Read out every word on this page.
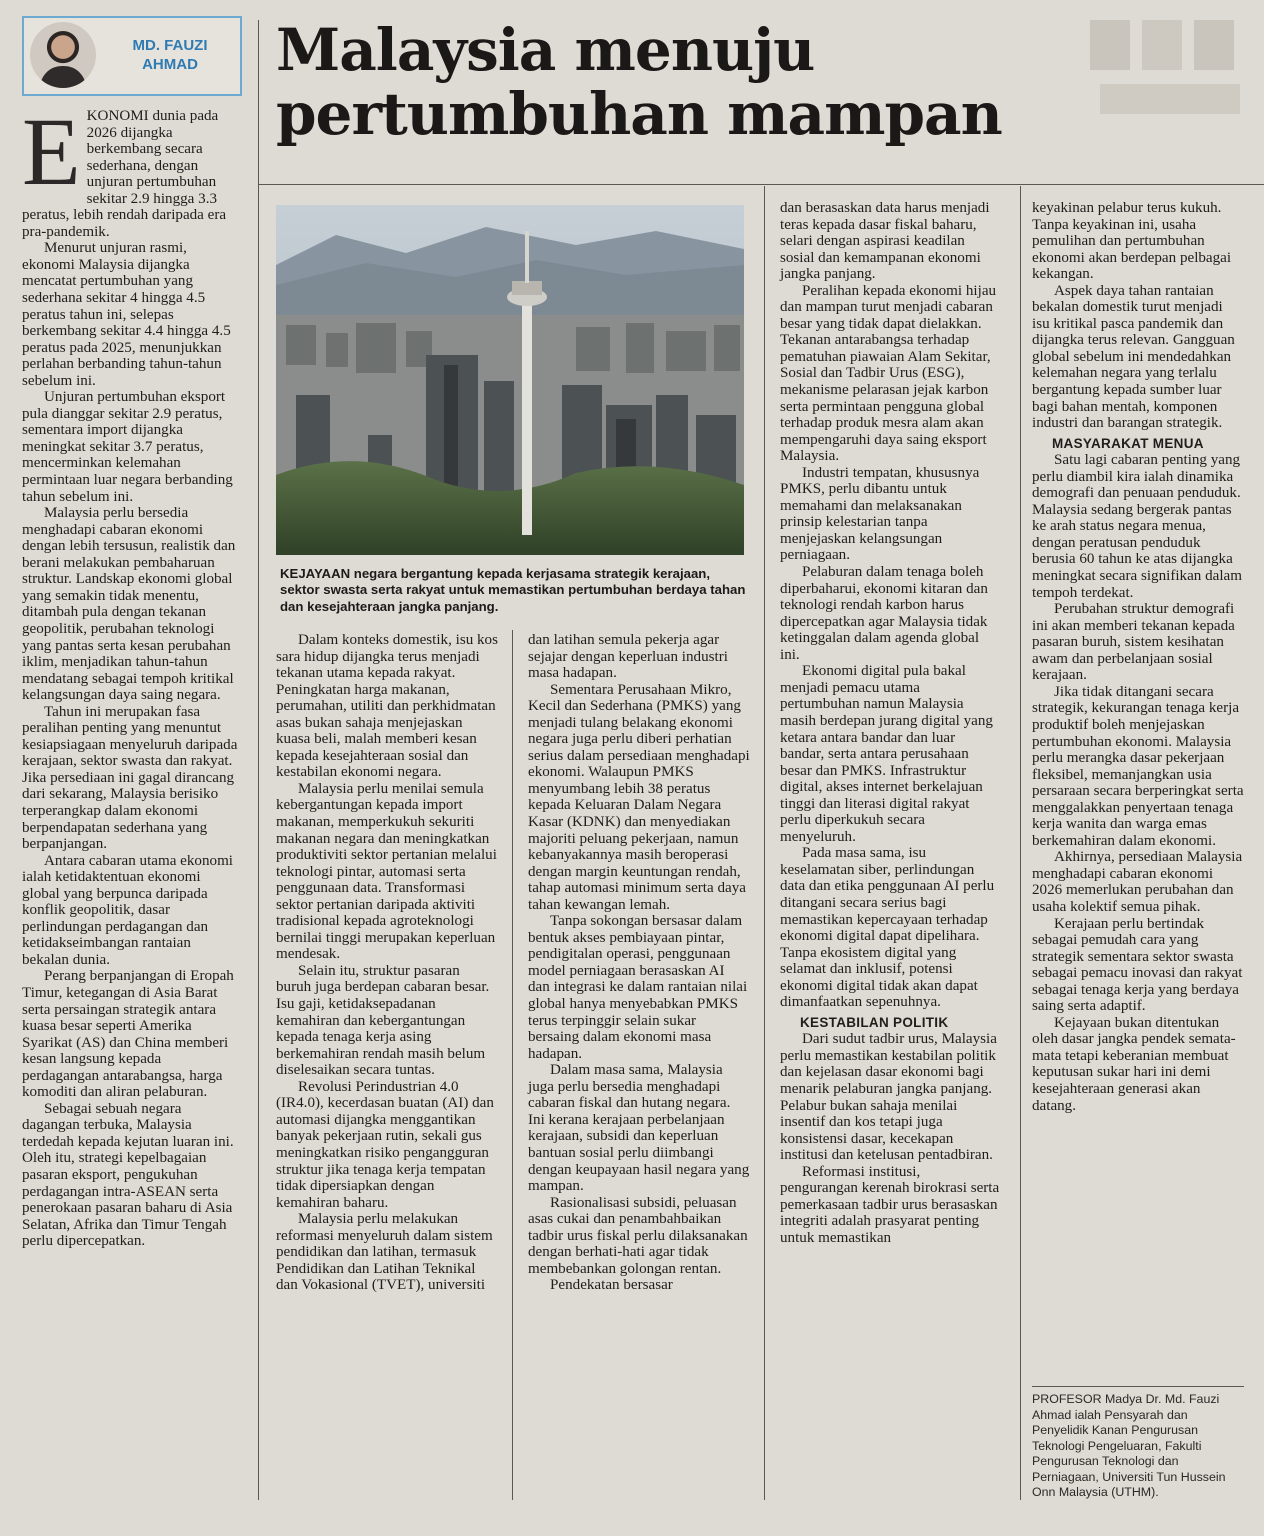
MD. FAUZI
AHMAD	Malaysia menuju
pertumbuhan mampan
KEJAYAAN negara bergantung kepada kerjasama strategik kerajaan, sektor swasta serta rakyat untuk memastikan pertumbuhan berdaya tahan dan kesejahteraan jangka panjang.

EKONOMI dunia pada 2026 dijangka berkembang secara sederhana, dengan unjuran pertumbuhan sekitar 2.9 hingga 3.3 peratus, lebih rendah daripada era pra-pandemik.

Menurut unjuran rasmi, ekonomi Malaysia dijangka mencatat pertumbuhan yang sederhana sekitar 4 hingga 4.5 peratus tahun ini, selepas berkembang sekitar 4.4 hingga 4.5 peratus pada 2025, menunjukkan perlahan berbanding tahun-tahun sebelum ini.

Unjuran pertumbuhan eksport pula dianggar sekitar 2.9 peratus, sementara import dijangka meningkat sekitar 3.7 peratus, mencerminkan kelemahan permintaan luar negara berbanding tahun sebelum ini.

Malaysia perlu bersedia menghadapi cabaran ekonomi dengan lebih tersusun, realistik dan berani melakukan pembaharuan struktur. Landskap ekonomi global yang semakin tidak menentu, ditambah pula dengan tekanan geopolitik, perubahan teknologi yang pantas serta kesan perubahan iklim, menjadikan tahun-tahun mendatang sebagai tempoh kritikal kelangsungan daya saing negara.

Tahun ini merupakan fasa peralihan penting yang menuntut kesiapsiagaan menyeluruh daripada kerajaan, sektor swasta dan rakyat. Jika persediaan ini gagal dirancang dari sekarang, Malaysia berisiko terperangkap dalam ekonomi berpendapatan sederhana yang berpanjangan.

Antara cabaran utama ekonomi ialah ketidaktentuan ekonomi global yang berpunca daripada konflik geopolitik, dasar perlindungan perdagangan dan ketidakseimbangan rantaian bekalan dunia.

Perang berpanjangan di Eropah Timur, ketegangan di Asia Barat serta persaingan strategik antara kuasa besar seperti Amerika Syarikat (AS) dan China memberi kesan langsung kepada perdagangan antarabangsa, harga komoditi dan aliran pelaburan.

Sebagai sebuah negara dagangan terbuka, Malaysia terdedah kepada kejutan luaran ini. Oleh itu, strategi kepelbagaian pasaran eksport, pengukuhan perdagangan intra-ASEAN serta penerokaan pasaran baharu di Asia Selatan, Afrika dan Timur Tengah perlu dipercepatkan.

Dalam konteks domestik, isu kos sara hidup dijangka terus menjadi tekanan utama kepada rakyat. Peningkatan harga makanan, perumahan, utiliti dan perkhidmatan asas bukan sahaja menjejaskan kuasa beli, malah memberi kesan kepada kesejahteraan sosial dan kestabilan ekonomi negara.

Malaysia perlu menilai semula kebergantungan kepada import makanan, memperkukuh sekuriti makanan negara dan meningkatkan produktiviti sektor pertanian melalui teknologi pintar, automasi serta penggunaan data. Transformasi sektor pertanian daripada aktiviti tradisional kepada agroteknologi bernilai tinggi merupakan keperluan mendesak.

Selain itu, struktur pasaran buruh juga berdepan cabaran besar. Isu gaji, ketidaksepadanan kemahiran dan kebergantungan kepada tenaga kerja asing berkemahiran rendah masih belum diselesaikan secara tuntas.

Revolusi Perindustrian 4.0 (IR4.0), kecerdasan buatan (AI) dan automasi dijangka menggantikan banyak pekerjaan rutin, sekali gus meningkatkan risiko pengangguran struktur jika tenaga kerja tempatan tidak dipersiapkan dengan kemahiran baharu.

Malaysia perlu melakukan reformasi menyeluruh dalam sistem pendidikan dan latihan, termasuk Pendidikan dan Latihan Teknikal dan Vokasional (TVET), universiti

dan latihan semula pekerja agar sejajar dengan keperluan industri masa hadapan.

Sementara Perusahaan Mikro, Kecil dan Sederhana (PMKS) yang menjadi tulang belakang ekonomi negara juga perlu diberi perhatian serius dalam persediaan menghadapi ekonomi. Walaupun PMKS menyumbang lebih 38 peratus kepada Keluaran Dalam Negara Kasar (KDNK) dan menyediakan majoriti peluang pekerjaan, namun kebanyakannya masih beroperasi dengan margin keuntungan rendah, tahap automasi minimum serta daya tahan kewangan lemah.

Tanpa sokongan bersasar dalam bentuk akses pembiayaan pintar, pendigitalan operasi, penggunaan model perniagaan berasaskan AI dan integrasi ke dalam rantaian nilai global hanya menyebabkan PMKS terus terpinggir selain sukar bersaing dalam ekonomi masa hadapan.

Dalam masa sama, Malaysia juga perlu bersedia menghadapi cabaran fiskal dan hutang negara. Ini kerana kerajaan perbelanjaan kerajaan, subsidi dan keperluan bantuan sosial perlu diimbangi dengan keupayaan hasil negara yang mampan.

Rasionalisasi subsidi, peluasan asas cukai dan penambahbaikan tadbir urus fiskal perlu dilaksanakan dengan berhati-hati agar tidak membebankan golongan rentan.

Pendekatan bersasar

dan berasaskan data harus menjadi teras kepada dasar fiskal baharu, selari dengan aspirasi keadilan sosial dan kemampanan ekonomi jangka panjang.

Peralihan kepada ekonomi hijau dan mampan turut menjadi cabaran besar yang tidak dapat dielakkan. Tekanan antarabangsa terhadap pematuhan piawaian Alam Sekitar, Sosial dan Tadbir Urus (ESG), mekanisme pelarasan jejak karbon serta permintaan pengguna global terhadap produk mesra alam akan mempengaruhi daya saing eksport Malaysia.

Industri tempatan, khususnya PMKS, perlu dibantu untuk memahami dan melaksanakan prinsip kelestarian tanpa menjejaskan kelangsungan perniagaan.

Pelaburan dalam tenaga boleh diperbaharui, ekonomi kitaran dan teknologi rendah karbon harus dipercepatkan agar Malaysia tidak ketinggalan dalam agenda global ini.

Ekonomi digital pula bakal menjadi pemacu utama pertumbuhan namun Malaysia masih berdepan jurang digital yang ketara antara bandar dan luar bandar, serta antara perusahaan besar dan PMKS. Infrastruktur digital, akses internet berkelajuan tinggi dan literasi digital rakyat perlu diperkukuh secara menyeluruh.

Pada masa sama, isu keselamatan siber, perlindungan data dan etika penggunaan AI perlu ditangani secara serius bagi memastikan kepercayaan terhadap ekonomi digital dapat dipelihara. Tanpa ekosistem digital yang selamat dan inklusif, potensi ekonomi digital tidak akan dapat dimanfaatkan sepenuhnya.

KESTABILAN POLITIK

Dari sudut tadbir urus, Malaysia perlu memastikan kestabilan politik dan kejelasan dasar ekonomi bagi menarik pelaburan jangka panjang. Pelabur bukan sahaja menilai insentif dan kos tetapi juga konsistensi dasar, kecekapan institusi dan ketelusan pentadbiran.

Reformasi institusi, pengurangan kerenah birokrasi serta pemerkasaan tadbir urus berasaskan integriti adalah prasyarat penting untuk memastikan

keyakinan pelabur terus kukuh. Tanpa keyakinan ini, usaha pemulihan dan pertumbuhan ekonomi akan berdepan pelbagai kekangan.

Aspek daya tahan rantaian bekalan domestik turut menjadi isu kritikal pasca pandemik dan dijangka terus relevan. Gangguan global sebelum ini mendedahkan kelemahan negara yang terlalu bergantung kepada sumber luar bagi bahan mentah, komponen industri dan barangan strategik.

MASYARAKAT MENUA

Satu lagi cabaran penting yang perlu diambil kira ialah dinamika demografi dan penuaan penduduk. Malaysia sedang bergerak pantas ke arah status negara menua, dengan peratusan penduduk berusia 60 tahun ke atas dijangka meningkat secara signifikan dalam tempoh terdekat.

Perubahan struktur demografi ini akan memberi tekanan kepada pasaran buruh, sistem kesihatan awam dan perbelanjaan sosial kerajaan.

Jika tidak ditangani secara strategik, kekurangan tenaga kerja produktif boleh menjejaskan pertumbuhan ekonomi. Malaysia perlu merangka dasar pekerjaan fleksibel, memanjangkan usia persaraan secara berperingkat serta menggalakkan penyertaan tenaga kerja wanita dan warga emas berkemahiran dalam ekonomi.

Akhirnya, persediaan Malaysia menghadapi cabaran ekonomi 2026 memerlukan perubahan dan usaha kolektif semua pihak.

Kerajaan perlu bertindak sebagai pemudah cara yang strategik sementara sektor swasta sebagai pemacu inovasi dan rakyat sebagai tenaga kerja yang berdaya saing serta adaptif.

Kejayaan bukan ditentukan oleh dasar jangka pendek semata-mata tetapi keberanian membuat keputusan sukar hari ini demi kesejahteraan generasi akan datang.

PROFESOR Madya Dr. Md. Fauzi Ahmad ialah Pensyarah dan Penyelidik Kanan Pengurusan Teknologi Pengeluaran, Fakulti Pengurusan Teknologi dan Perniagaan, Universiti Tun Hussein Onn Malaysia (UTHM).
